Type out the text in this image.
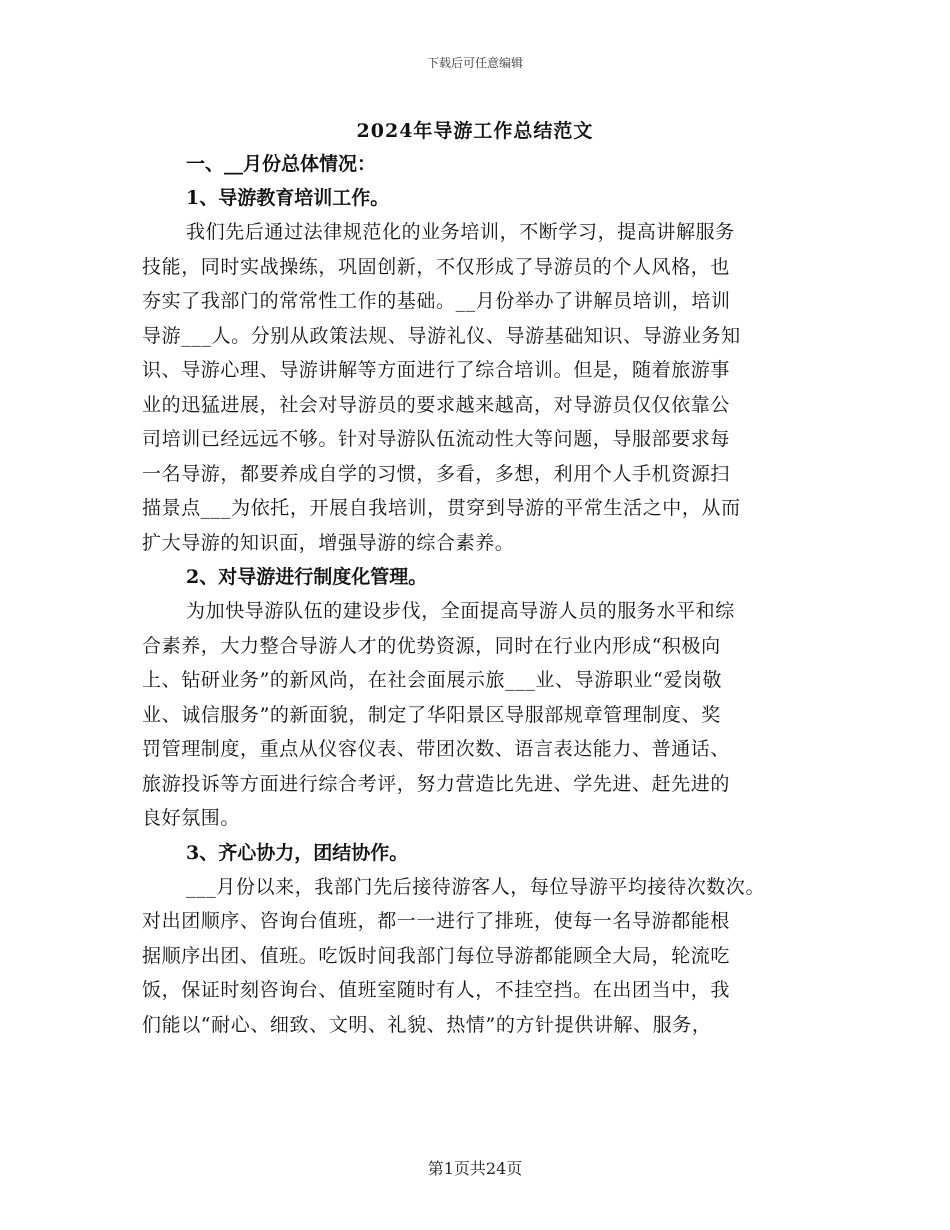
下载后可任意编辑
2024年导游工作总结范文
一、__月份总体情况：
1、导游教育培训工作。
我们先后通过法律规范化的业务培训，不断学习，提高讲解服务
技能，同时实战操练，巩固创新，不仅形成了导游员的个人风格，也
夯实了我部门的常常性工作的基础。__月份举办了讲解员培训，培训
导游___人。分别从政策法规、导游礼仪、导游基础知识、导游业务知
识、导游心理、导游讲解等方面进行了综合培训。但是，随着旅游事
业的迅猛进展，社会对导游员的要求越来越高，对导游员仅仅依靠公
司培训已经远远不够。针对导游队伍流动性大等问题，导服部要求每
一名导游，都要养成自学的习惯，多看，多想，利用个人手机资源扫
描景点___为依托，开展自我培训，贯穿到导游的平常生活之中，从而
扩大导游的知识面，增强导游的综合素养。
2、对导游进行制度化管理。
为加快导游队伍的建设步伐，全面提高导游人员的服务水平和综
合素养，大力整合导游人才的优势资源，同时在行业内形成“积极向
上、钻研业务”的新风尚，在社会面展示旅___业、导游职业“爱岗敬
业、诚信服务”的新面貌，制定了华阳景区导服部规章管理制度、奖
罚管理制度，重点从仪容仪表、带团次数、语言表达能力、普通话、
旅游投诉等方面进行综合考评，努力营造比先进、学先进、赶先进的
良好氛围。
3、齐心协力，团结协作。
___月份以来，我部门先后接待游客人，每位导游平均接待次数次。
对出团顺序、咨询台值班，都一一进行了排班，使每一名导游都能根
据顺序出团、值班。吃饭时间我部门每位导游都能顾全大局，轮流吃
饭，保证时刻咨询台、值班室随时有人，不挂空挡。在出团当中，我
们能以“耐心、细致、文明、礼貌、热情”的方针提供讲解、服务，
第1页共24页
